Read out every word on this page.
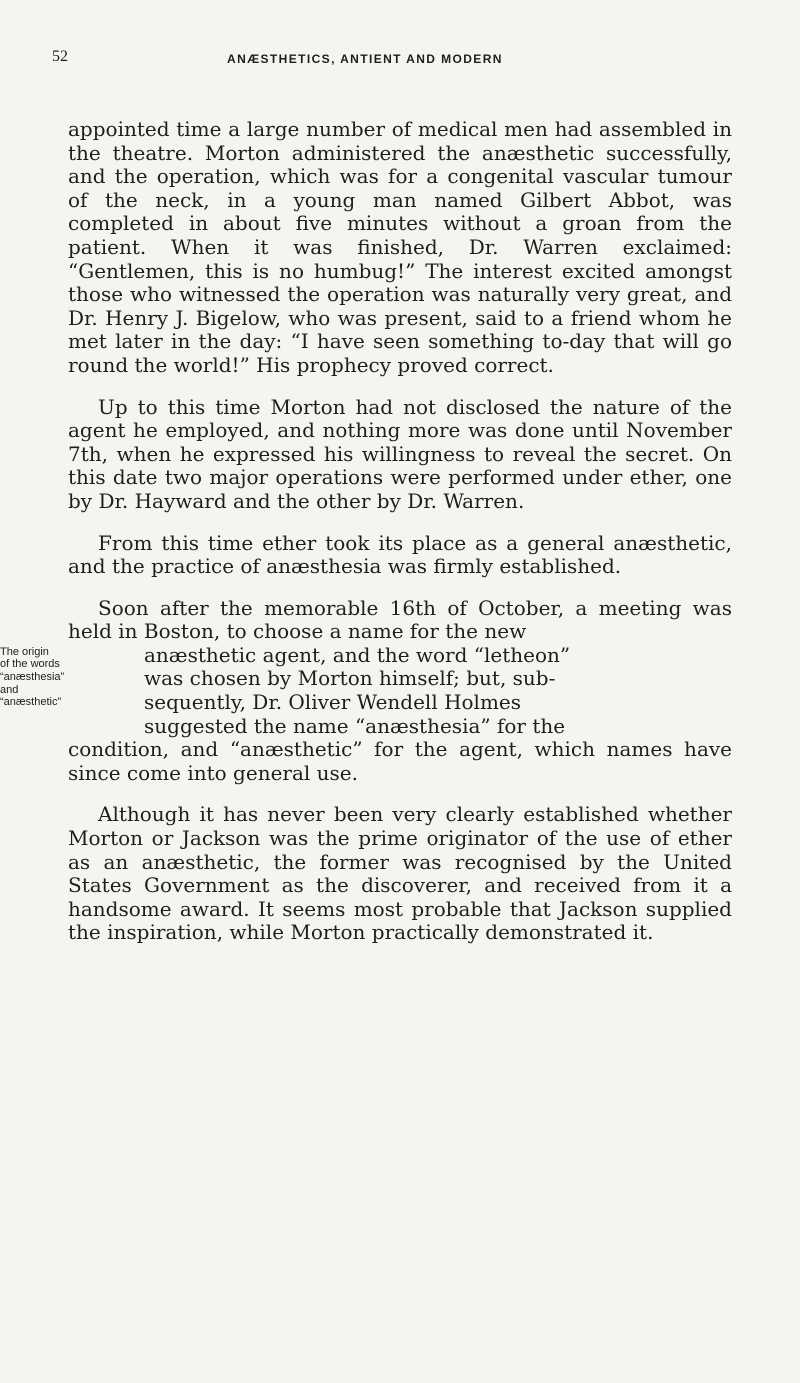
52	ANÆSTHETICS, ANTIENT AND MODERN

appointed time a large number of medical men had assembled in the theatre. Morton administered the anæsthetic successfully, and the operation, which was for a congenital vascular tumour of the neck, in a young man named Gilbert Abbot, was completed in about five minutes without a groan from the patient. When it was finished, Dr. Warren exclaimed: “Gentlemen, this is no humbug!” The interest excited amongst those who witnessed the operation was naturally very great, and Dr. Henry J. Bigelow, who was present, said to a friend whom he met later in the day: “I have seen something to-day that will go round the world!” His prophecy proved correct.

Up to this time Morton had not disclosed the nature of the agent he employed, and nothing more was done until November 7th, when he expressed his willingness to reveal the secret. On this date two major operations were performed under ether, one by Dr. Hayward and the other by Dr. Warren.

From this time ether took its place as a general anæsthetic, and the practice of anæsthesia was firmly established.

Soon after the memorable 16th of October, a meeting was held in Boston, to choose a name for the new

The origin
of the words
“anæsthesia”
and
“anæsthetic”
anæsthetic agent, and the word “letheon”
was chosen by Morton himself; but, sub-
sequently, Dr. Oliver Wendell Holmes
suggested the name “anæsthesia” for the

condition, and “anæsthetic” for the agent, which names have since come into general use.

Although it has never been very clearly established whether Morton or Jackson was the prime originator of the use of ether as an anæsthetic, the former was recognised by the United States Government as the discoverer, and received from it a handsome award. It seems most probable that Jackson supplied the inspiration, while Morton practically demonstrated it.
